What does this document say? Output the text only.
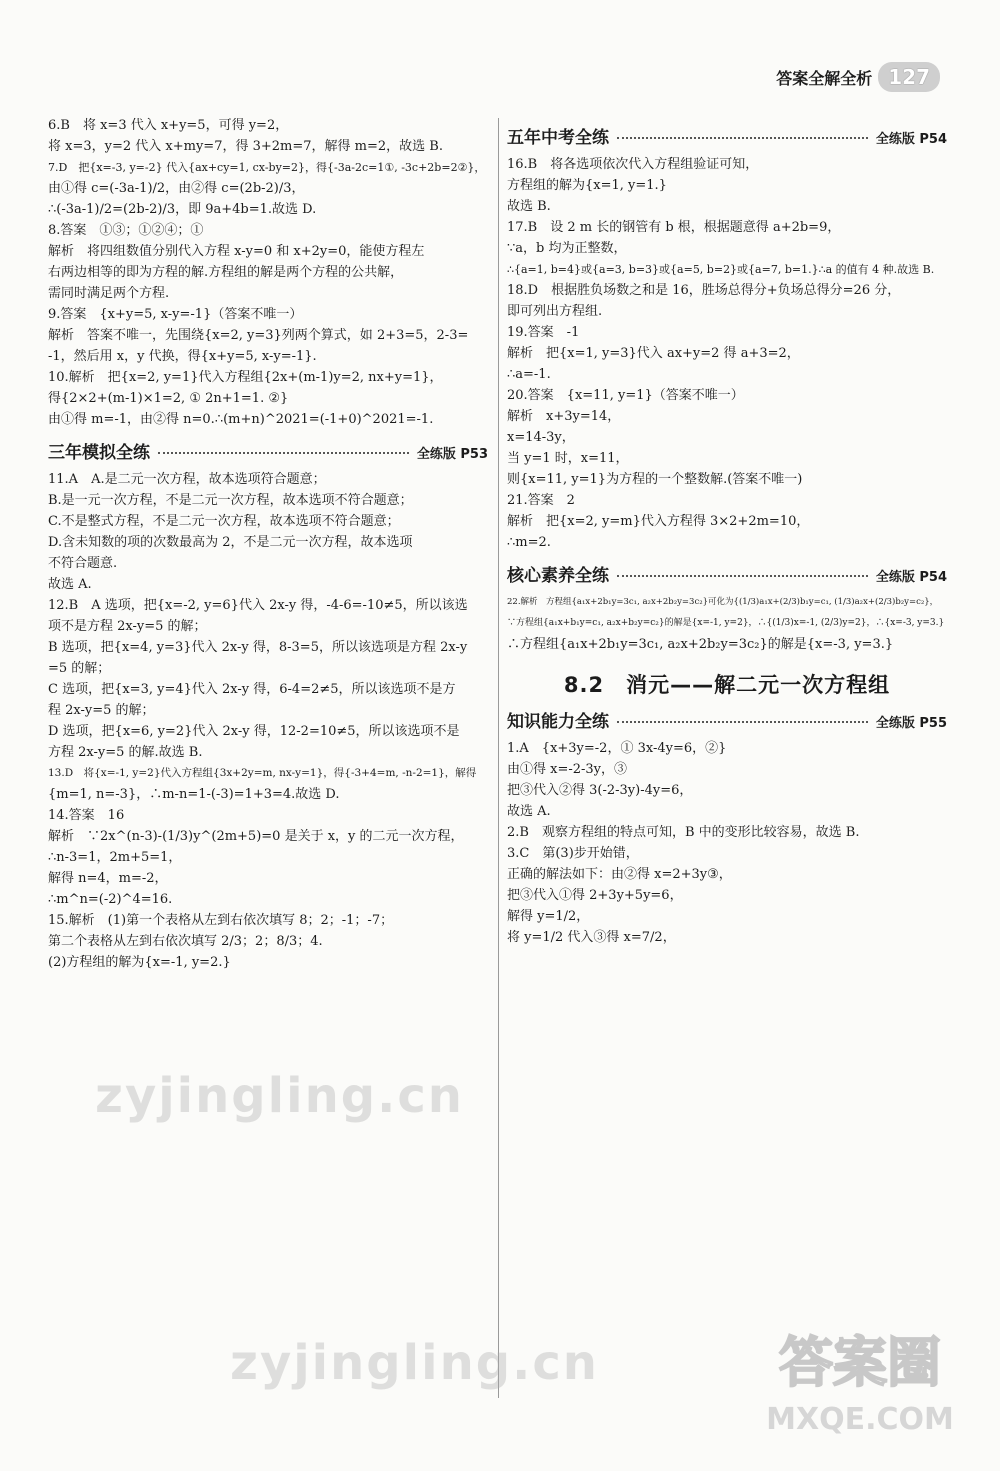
答案全解全析 127
6.B　将 x=3 代入 x+y=5，可得 y=2，
将 x=3，y=2 代入 x+my=7，得 3+2m=7，解得 m=2，故选 B.
7.D　把{x=-3, y=-2} 代入{ax+cy=1, cx-by=2}，得{-3a-2c=1①, -3c+2b=2②}，
由①得 c=(-3a-1)/2，由②得 c=(2b-2)/3，
∴(-3a-1)/2=(2b-2)/3，即 9a+4b=1.故选 D.
8.答案　①③；①②④；①
解析　将四组数值分别代入方程 x-y=0 和 x+2y=0，能使方程左
右两边相等的即为方程的解.方程组的解是两个方程的公共解，
需同时满足两个方程.
9.答案　{x+y=5, x-y=-1}（答案不唯一）
解析　答案不唯一，先围绕{x=2, y=3}列两个算式，如 2+3=5，2-3=
-1，然后用 x，y 代换，得{x+y=5, x-y=-1}.
10.解析　把{x=2, y=1}代入方程组{2x+(m-1)y=2, nx+y=1}，
得{2×2+(m-1)×1=2, ① 2n+1=1. ②}
由①得 m=-1，由②得 n=0.∴(m+n)^2021=(-1+0)^2021=-1.
三年模拟全练	全练版 P53
11.A　A.是二元一次方程，故本选项符合题意；
B.是一元一次方程，不是二元一次方程，故本选项不符合题意；
C.不是整式方程，不是二元一次方程，故本选项不符合题意；
D.含未知数的项的次数最高为 2，不是二元一次方程，故本选项
不符合题意.
故选 A.
12.B　A 选项，把{x=-2, y=6}代入 2x-y 得，-4-6=-10≠5，所以该选
项不是方程 2x-y=5 的解；
B 选项，把{x=4, y=3}代入 2x-y 得，8-3=5，所以该选项是方程 2x-y
=5 的解；
C 选项，把{x=3, y=4}代入 2x-y 得，6-4=2≠5，所以该选项不是方
程 2x-y=5 的解；
D 选项，把{x=6, y=2}代入 2x-y 得，12-2=10≠5，所以该选项不是
方程 2x-y=5 的解.故选 B.
13.D　将{x=-1, y=2}代入方程组{3x+2y=m, nx-y=1}，得{-3+4=m, -n-2=1}，解得
{m=1, n=-3}，∴m-n=1-(-3)=1+3=4.故选 D.
14.答案　16
解析　∵2x^(n-3)-(1/3)y^(2m+5)=0 是关于 x，y 的二元一次方程，
∴n-3=1，2m+5=1，
解得 n=4，m=-2，
∴m^n=(-2)^4=16.
15.解析　(1)第一个表格从左到右依次填写 8；2；-1；-7；
第二个表格从左到右依次填写 2/3；2；8/3；4.
(2)方程组的解为{x=-1, y=2.}
五年中考全练	全练版 P54
16.B　将各选项依次代入方程组验证可知，
方程组的解为{x=1, y=1.}
故选 B.
17.B　设 2 m 长的钢管有 b 根，根据题意得 a+2b=9，
∵a，b 均为正整数，
∴{a=1, b=4}或{a=3, b=3}或{a=5, b=2}或{a=7, b=1.}∴a 的值有 4 种.故选 B.
18.D　根据胜负场数之和是 16，胜场总得分+负场总得分=26 分，
即可列出方程组.
19.答案　-1
解析　把{x=1, y=3}代入 ax+y=2 得 a+3=2，
∴a=-1.
20.答案　{x=11, y=1}（答案不唯一）
解析　x+3y=14，
x=14-3y，
当 y=1 时，x=11，
则{x=11, y=1}为方程的一个整数解.(答案不唯一)
21.答案　2
解析　把{x=2, y=m}代入方程得 3×2+2m=10，
∴m=2.
核心素养全练	全练版 P54
22.解析　方程组{a₁x+2b₁y=3c₁, a₂x+2b₂y=3c₂}可化为{(1/3)a₁x+(2/3)b₁y=c₁, (1/3)a₂x+(2/3)b₂y=c₂}，
∵方程组{a₁x+b₁y=c₁, a₂x+b₂y=c₂}的解是{x=-1, y=2}，∴{(1/3)x=-1, (2/3)y=2}，∴{x=-3, y=3.}
∴方程组{a₁x+2b₁y=3c₁, a₂x+2b₂y=3c₂}的解是{x=-3, y=3.}
8.2　消元——解二元一次方程组
知识能力全练	全练版 P55
1.A　{x+3y=-2，① 3x-4y=6，②}
由①得 x=-2-3y，③
把③代入②得 3(-2-3y)-4y=6，
故选 A.
2.B　观察方程组的特点可知，B 中的变形比较容易，故选 B.
3.C　第(3)步开始错，
正确的解法如下：由②得 x=2+3y③，
把③代入①得 2+3y+5y=6，
解得 y=1/2，
将 y=1/2 代入③得 x=7/2，
zyjingling.cn
zyjingling.cn	答案圈
MXQE.COM
